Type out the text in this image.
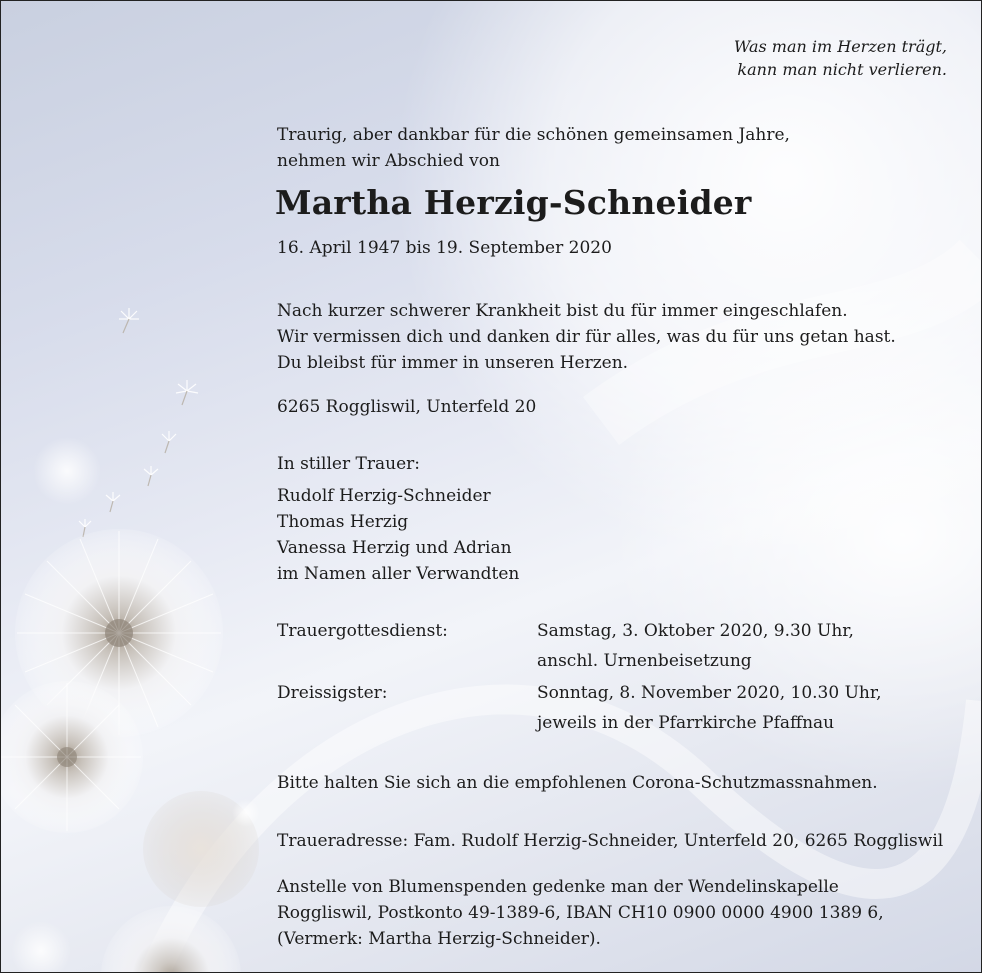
Was man im Herzen trägt,
kann man nicht verlieren.
Traurig, aber dankbar für die schönen gemeinsamen Jahre,
nehmen wir Abschied von
Martha Herzig-Schneider
16. April 1947 bis 19. September 2020
Nach kurzer schwerer Krankheit bist du für immer eingeschlafen.
Wir vermissen dich und danken dir für alles, was du für uns getan hast.
Du bleibst für immer in unseren Herzen.
6265 Roggliswil, Unterfeld 20
In stiller Trauer:
Rudolf Herzig-Schneider
Thomas Herzig
Vanessa Herzig und Adrian
im Namen aller Verwandten
Trauergottesdienst:	Samstag, 3. Oktober 2020, 9.30 Uhr,
anschl. Urnenbeisetzung
Dreissigster:	Sonntag, 8. November 2020, 10.30 Uhr,
jeweils in der Pfarrkirche Pfaffnau
Bitte halten Sie sich an die empfohlenen Corona-Schutzmassnahmen.
Traueradresse: Fam. Rudolf Herzig-Schneider, Unterfeld 20, 6265 Roggliswil
Anstelle von Blumenspenden gedenke man der Wendelinskapelle
Roggliswil, Postkonto 49-1389-6, IBAN CH10 0900 0000 4900 1389 6,
(Vermerk: Martha Herzig-Schneider).
